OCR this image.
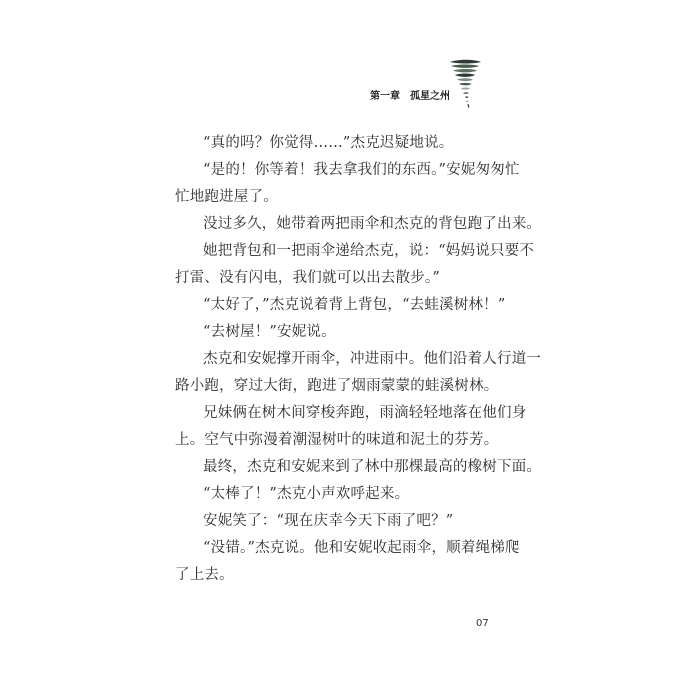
第一章 孤星之州

“真的吗？你觉得……”杰克迟疑地说。

“是的！你等着！我去拿我们的东西。”安妮匆匆忙

忙地跑进屋了。

没过多久，她带着两把雨伞和杰克的背包跑了出来。

她把背包和一把雨伞递给杰克，说：“妈妈说只要不

打雷、没有闪电，我们就可以出去散步。”

“太好了，”杰克说着背上背包，“去蛙溪树林！”

“去树屋！”安妮说。

杰克和安妮撑开雨伞，冲进雨中。他们沿着人行道一

路小跑，穿过大街，跑进了烟雨蒙蒙的蛙溪树林。

兄妹俩在树木间穿梭奔跑，雨滴轻轻地落在他们身

上。空气中弥漫着潮湿树叶的味道和泥土的芬芳。

最终，杰克和安妮来到了林中那棵最高的橡树下面。

“太棒了！”杰克小声欢呼起来。

安妮笑了：“现在庆幸今天下雨了吧？”

“没错。”杰克说。他和安妮收起雨伞，顺着绳梯爬

了上去。

07
